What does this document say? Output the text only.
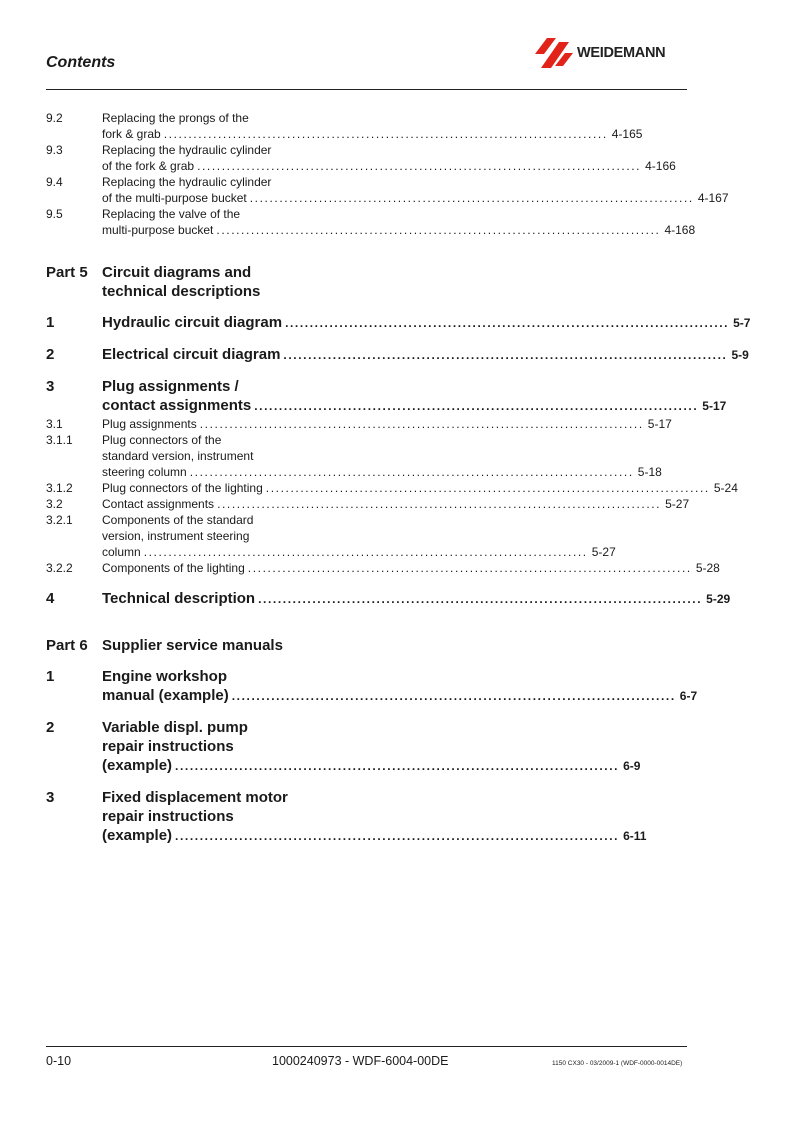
Contents
WEIDEMANN
9.2	Replacing the prongs of the
fork & grab .......................................................................................... 4-165
9.3	Replacing the hydraulic cylinder
of the fork & grab .......................................................................................... 4-166
9.4	Replacing the hydraulic cylinder
of the multi-purpose bucket .......................................................................................... 4-167
9.5	Replacing the valve of the
multi-purpose bucket .......................................................................................... 4-168
Part 5 Circuit diagrams and
technical descriptions
1	Hydraulic circuit diagram .......................................................................................... 5-7
2	Electrical circuit diagram .......................................................................................... 5-9
3	Plug assignments /
contact assignments .......................................................................................... 5-17
3.1	Plug assignments .......................................................................................... 5-17
3.1.1	Plug connectors of the
standard version, instrument
steering column .......................................................................................... 5-18
3.1.2	Plug connectors of the lighting .......................................................................................... 5-24
3.2	Contact assignments .......................................................................................... 5-27
3.2.1	Components of the standard
version, instrument steering
column .......................................................................................... 5-27
3.2.2	Components of the lighting .......................................................................................... 5-28
4	Technical description .......................................................................................... 5-29
Part 6 Supplier service manuals
1	Engine workshop
manual (example) .......................................................................................... 6-7
2	Variable displ. pump
repair instructions
(example) .......................................................................................... 6-9
3	Fixed displacement motor
repair instructions
(example) .......................................................................................... 6-11
0-10	1000240973 - WDF-6004-00DE	1150 CX30 - 03/2009-1 (WDF-0000-0014DE)
